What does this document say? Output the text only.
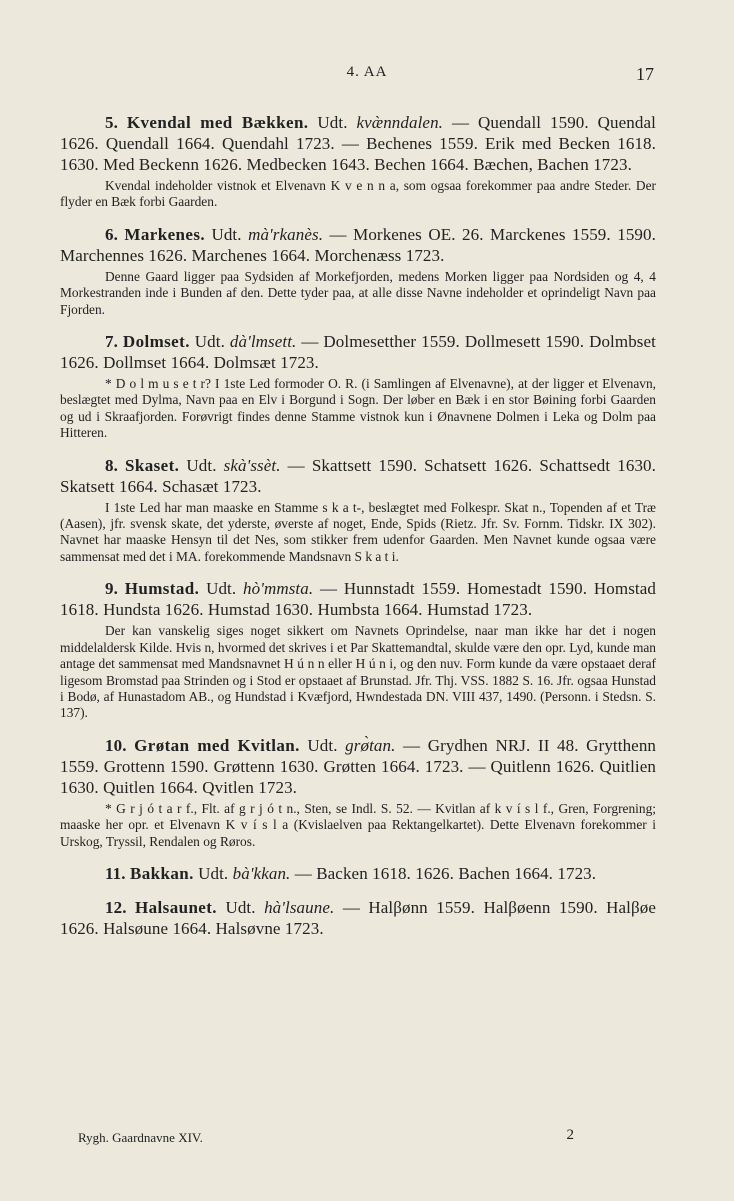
4. AA	17

5. Kvendal med Bækken. Udt. kvæ̀nndalen. — Quendall 1590. Quendal 1626. Quendall 1664. Quendahl 1723. — Bechenes 1559. Erik med Becken 1618. 1630. Med Beckenn 1626. Medbecken 1643. Bechen 1664. Bæchen, Bachen 1723.

Kvendal indeholder vistnok et Elvenavn K v e n n a, som ogsaa forekommer paa andre Steder. Der flyder en Bæk forbi Gaarden.

6. Markenes. Udt. mà'rkanès. — Morkenes OE. 26. Marckenes 1559. 1590. Marchennes 1626. Marchenes 1664. Morchenæss 1723.

Denne Gaard ligger paa Sydsiden af Morkefjorden, medens Morken ligger paa Nordsiden og 4, 4 Morkestranden inde i Bunden af den. Dette tyder paa, at alle disse Navne indeholder et oprindeligt Navn paa Fjorden.

7. Dolmset. Udt. dà'lmsett. — Dolmesetther 1559. Dollmesett 1590. Dolmbset 1626. Dollmset 1664. Dolmsæt 1723.

* D o l m u s e t r? I 1ste Led formoder O. R. (i Samlingen af Elvenavne), at der ligger et Elvenavn, beslægtet med Dylma, Navn paa en Elv i Borgund i Sogn. Der løber en Bæk i en stor Bøining forbi Gaarden og ud i Skraafjorden. Forøvrigt findes denne Stamme vistnok kun i Ønavnene Dolmen i Leka og Dolm paa Hitteren.

8. Skaset. Udt. skà'ssèt. — Skattsett 1590. Schatsett 1626. Schattsedt 1630. Skatsett 1664. Schasæt 1723.

I 1ste Led har man maaske en Stamme s k a t-, beslægtet med Folkespr. Skat n., Topenden af et Træ (Aasen), jfr. svensk skate, det yderste, øverste af noget, Ende, Spids (Rietz. Jfr. Sv. Fornm. Tidskr. IX 302). Navnet har maaske Hensyn til det Nes, som stikker frem udenfor Gaarden. Men Navnet kunde ogsaa være sammensat med det i MA. forekommende Mandsnavn S k a t i.

9. Humstad. Udt. hò'mmsta. — Hunnstadt 1559. Homestadt 1590. Homstad 1618. Hundsta 1626. Humstad 1630. Humbsta 1664. Humstad 1723.

Der kan vanskelig siges noget sikkert om Navnets Oprindelse, naar man ikke har det i nogen middelaldersk Kilde. Hvis n, hvormed det skrives i et Par Skattemandtal, skulde være den opr. Lyd, kunde man antage det sammensat med Mandsnavnet H ú n n eller H ú n i, og den nuv. Form kunde da være opstaaet deraf ligesom Bromstad paa Strinden og i Stod er opstaaet af Brunstad. Jfr. Thj. VSS. 1882 S. 16. Jfr. ogsaa Hunstad i Bodø, af Hunastadom AB., og Hundstad i Kvæfjord, Hwndestada DN. VIII 437, 1490. (Personn. i Stedsn. S. 137).

10. Grøtan med Kvitlan. Udt. grø̀tan. — Grydhen NRJ. II 48. Grytthenn 1559. Grottenn 1590. Grøttenn 1630. Grøtten 1664. 1723. — Quitlenn 1626. Quitlien 1630. Quitlen 1664. Qvitlen 1723.

* G r j ó t a r f., Flt. af g r j ó t n., Sten, se Indl. S. 52. — Kvitlan af k v í s l f., Gren, Forgrening; maaske her opr. et Elvenavn K v í s l a (Kvislaelven paa Rektangelkartet). Dette Elvenavn forekommer i Urskog, Tryssil, Rendalen og Røros.

11. Bakkan. Udt. bà'kkan. — Backen 1618. 1626. Bachen 1664. 1723.

12. Halsaunet. Udt. hà'lsaune. — Halβønn 1559. Halβøenn 1590. Halβøe 1626. Halsøune 1664. Halsøvne 1723.

Rygh. Gaardnavne XIV.	2
